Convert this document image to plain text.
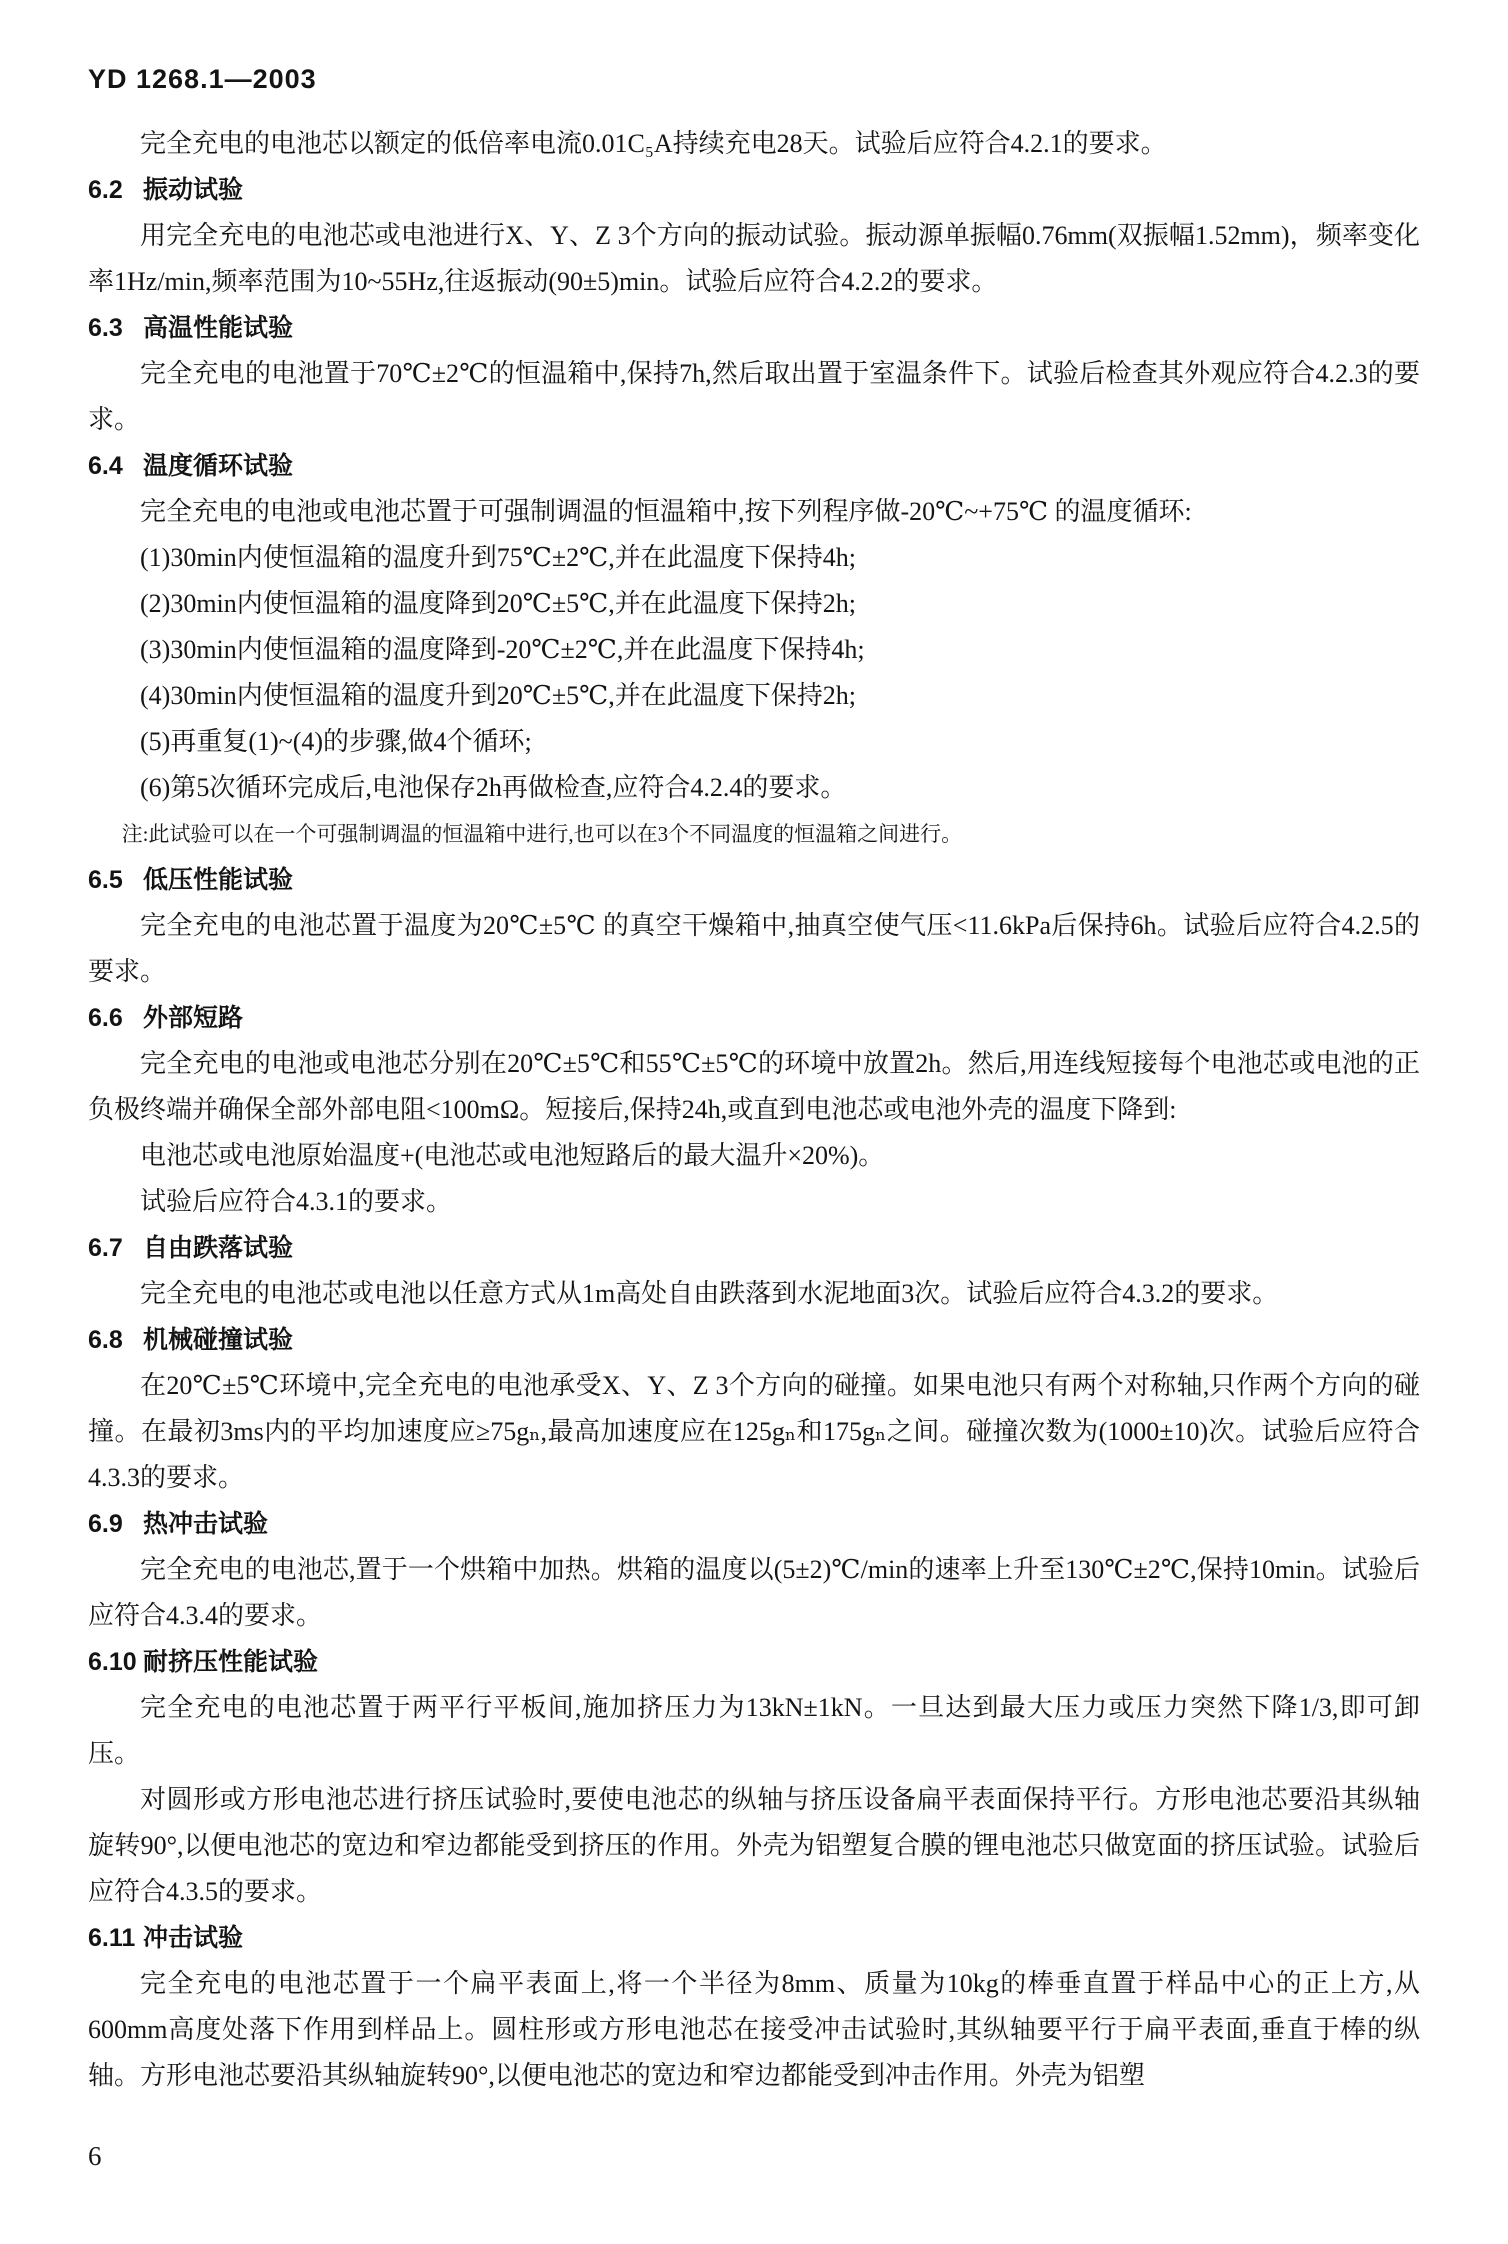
YD 1268.1—2003

完全充电的电池芯以额定的低倍率电流0.01C₅A持续充电28天。试验后应符合4.2.1的要求。

6.2 振动试验

用完全充电的电池芯或电池进行X、Y、Z 3个方向的振动试验。振动源单振幅0.76mm(双振幅1.52mm)，频率变化率1Hz/min,频率范围为10~55Hz,往返振动(90±5)min。试验后应符合4.2.2的要求。

6.3 高温性能试验

完全充电的电池置于70℃±2℃的恒温箱中,保持7h,然后取出置于室温条件下。试验后检查其外观应符合4.2.3的要求。

6.4 温度循环试验

完全充电的电池或电池芯置于可强制调温的恒温箱中,按下列程序做-20℃~+75℃ 的温度循环:

(1)30min内使恒温箱的温度升到75℃±2℃,并在此温度下保持4h;

(2)30min内使恒温箱的温度降到20℃±5℃,并在此温度下保持2h;

(3)30min内使恒温箱的温度降到-20℃±2℃,并在此温度下保持4h;

(4)30min内使恒温箱的温度升到20℃±5℃,并在此温度下保持2h;

(5)再重复(1)~(4)的步骤,做4个循环;

(6)第5次循环完成后,电池保存2h再做检查,应符合4.2.4的要求。

注:此试验可以在一个可强制调温的恒温箱中进行,也可以在3个不同温度的恒温箱之间进行。

6.5 低压性能试验

完全充电的电池芯置于温度为20℃±5℃ 的真空干燥箱中,抽真空使气压<11.6kPa后保持6h。试验后应符合4.2.5的要求。

6.6 外部短路

完全充电的电池或电池芯分别在20℃±5℃和55℃±5℃的环境中放置2h。然后,用连线短接每个电池芯或电池的正负极终端并确保全部外部电阻<100mΩ。短接后,保持24h,或直到电池芯或电池外壳的温度下降到:

电池芯或电池原始温度+(电池芯或电池短路后的最大温升×20%)。

试验后应符合4.3.1的要求。

6.7 自由跌落试验

完全充电的电池芯或电池以任意方式从1m高处自由跌落到水泥地面3次。试验后应符合4.3.2的要求。

6.8 机械碰撞试验

在20℃±5℃环境中,完全充电的电池承受X、Y、Z 3个方向的碰撞。如果电池只有两个对称轴,只作两个方向的碰撞。在最初3ms内的平均加速度应≥75gₙ,最高加速度应在125gₙ和175gₙ之间。碰撞次数为(1000±10)次。试验后应符合4.3.3的要求。

6.9 热冲击试验

完全充电的电池芯,置于一个烘箱中加热。烘箱的温度以(5±2)℃/min的速率上升至130℃±2℃,保持10min。试验后应符合4.3.4的要求。

6.10 耐挤压性能试验

完全充电的电池芯置于两平行平板间,施加挤压力为13kN±1kN。一旦达到最大压力或压力突然下降1/3,即可卸压。

对圆形或方形电池芯进行挤压试验时,要使电池芯的纵轴与挤压设备扁平表面保持平行。方形电池芯要沿其纵轴旋转90°,以便电池芯的宽边和窄边都能受到挤压的作用。外壳为铝塑复合膜的锂电池芯只做宽面的挤压试验。试验后应符合4.3.5的要求。

6.11 冲击试验

完全充电的电池芯置于一个扁平表面上,将一个半径为8mm、质量为10kg的棒垂直置于样品中心的正上方,从600mm高度处落下作用到样品上。圆柱形或方形电池芯在接受冲击试验时,其纵轴要平行于扁平表面,垂直于棒的纵轴。方形电池芯要沿其纵轴旋转90°,以便电池芯的宽边和窄边都能受到冲击作用。外壳为铝塑

6
